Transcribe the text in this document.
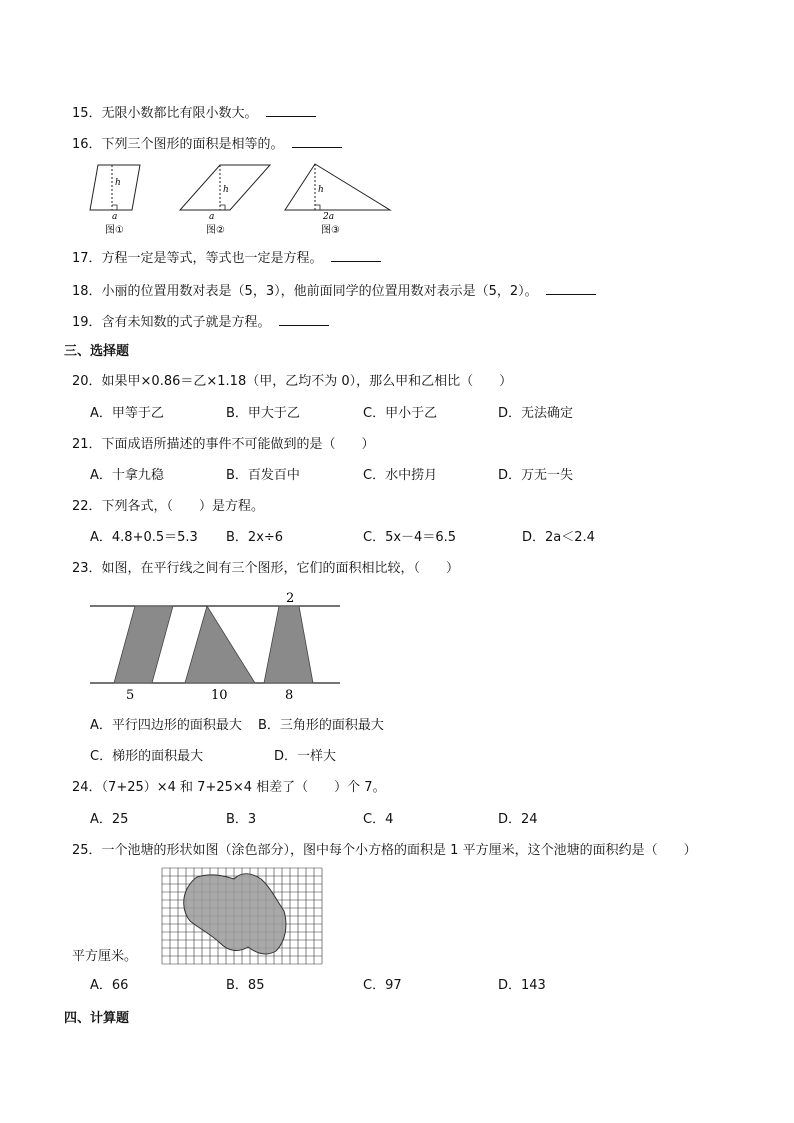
15．无限小数都比有限小数大。
16．下列三个图形的面积是相等的。
h
a
图①
h
a
图②
h
2a
图③
17．方程一定是等式，等式也一定是方程。
18．小丽的位置用数对表是（5，3），他前面同学的位置用数对表示是（5，2）。
19．含有未知数的式子就是方程。
三、选择题
20．如果甲×0.86＝乙×1.18（甲，乙均不为 0），那么甲和乙相比（　　）
A．甲等于乙	B．甲大于乙	C．甲小于乙	D．无法确定
21．下面成语所描述的事件不可能做到的是（　　）
A．十拿九稳	B．百发百中	C．水中捞月	D．万无一失
22．下列各式，（　　）是方程。
A．4.8+0.5＝5.3 B．2x÷6	C．5x－4＝6.5	D．2a＜2.4
23．如图，在平行线之间有三个图形，它们的面积相比较，（　　）
2
5	10	8
A．平行四边形的面积最大 B．三角形的面积最大
C．梯形的面积最大	D．一样大
24．（7+25）×4 和 7+25×4 相差了（　　）个 7。
A．25	B．3	C．4	D．24
25．一个池塘的形状如图（涂色部分），图中每个小方格的面积是 1 平方厘米，这个池塘的面积约是（　　）
平方厘米。
A．66	B．85	C．97	D．143
四、计算题
